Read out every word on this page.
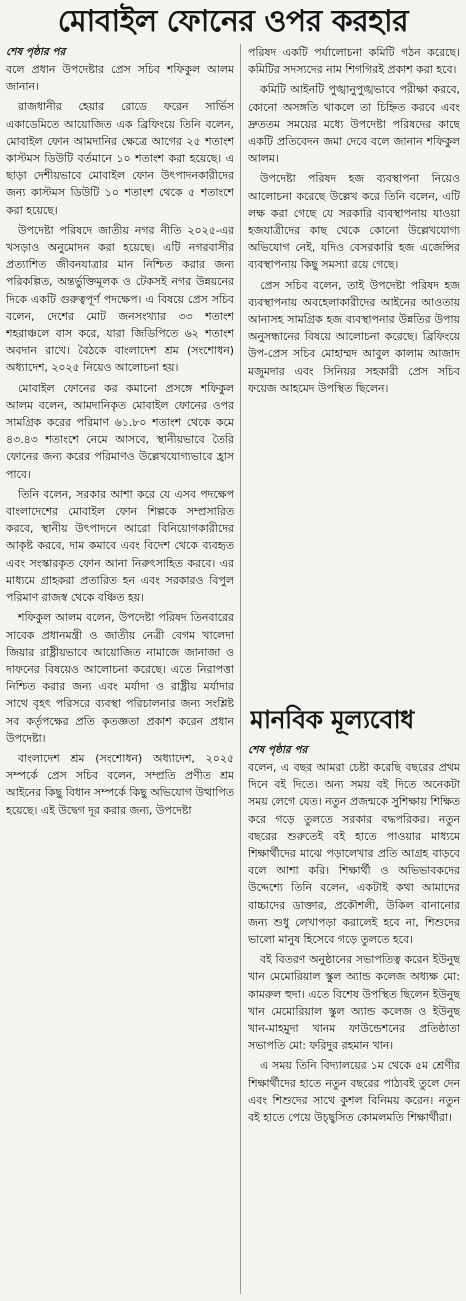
মোবাইল ফোনের ওপর করহার
শেষ পৃষ্ঠার পর

বলে প্রধান উপদেষ্টার প্রেস সচিব শফিকুল আলম জানান।

রাজধানীর হেয়ার রোডে ফরেন সার্ভিস একাডেমিতে আয়োজিত এক ব্রিফিংয়ে তিনি বলেন, মোবাইল ফোন আমদানির ক্ষেত্রে আগের ২৫ শতাংশ কাস্টমস ডিউটি বর্তমানে ১০ শতাংশ করা হয়েছে। এ ছাড়া দেশীয়ভাবে মোবাইল ফোন উৎপাদনকারীদের জন্য কাস্টমস ডিউটি ১০ শতাংশ থেকে ৫ শতাংশে করা হয়েছে।

উপদেষ্টা পরিষদে জাতীয় নগর নীতি ২০২৫-এর খসড়াও অনুমোদন করা হয়েছে। এটি নগরবাসীর প্রত্যাশিত জীবনযাত্রার মান নিশ্চিত করার জন্য পরিকল্পিত, অন্তর্ভুক্তিমূলক ও টেকসই নগর উন্নয়নের দিকে একটি গুরুত্বপূর্ণ পদক্ষেপ। এ বিষয়ে প্রেস সচিব বলেন, দেশের মোট জনসংখ্যার ৩৩ শতাংশ শহরাঞ্চলে বাস করে, যারা জিডিপিতে ৬২ শতাংশ অবদান রাখে। বৈঠকে বাংলাদেশ শ্রম (সংশোধন) অধ্যাদেশ, ২০২৫ নিয়েও আলোচনা হয়।

মোবাইল ফোনের কর কমানো প্রসঙ্গে শফিকুল আলম বলেন, আমদানিকৃত মোবাইল ফোনের ওপর সামগ্রিক করের পরিমাণ ৬১.৮০ শতাংশ থেকে কমে ৪৩.৪৩ শতাংশে নেমে আসবে, স্থানীয়ভাবে তৈরি ফোনের জন্য করের পরিমাণও উল্লেখযোগ্যভাবে হ্রাস পাবে।

তিনি বলেন, সরকার আশা করে যে এসব পদক্ষেপ বাংলাদেশের মোবাইল ফোন শিল্পকে সম্প্রসারিত করবে, স্থানীয় উৎপাদনে আরো বিনিয়োগকারীদের আকৃষ্ট করবে, দাম কমাবে এবং বিদেশ থেকে ব্যবহৃত এবং সংস্কারকৃত ফোন আনা নিরুৎসাহিত করবে। এর মাধ্যমে গ্রাহকরা প্রতারিত হন এবং সরকারও বিপুল পরিমাণ রাজস্ব থেকে বঞ্চিত হয়।

শফিকুল আলম বলেন, উপদেষ্টা পরিষদ তিনবারের সাবেক প্রধানমন্ত্রী ও জাতীয় নেত্রী বেগম খালেদা জিয়ার রাষ্ট্রীয়ভাবে আয়োজিত নামাজে জানাজা ও দাফনের বিষয়েও আলোচনা করেছে। এতে নিরাপত্তা নিশ্চিত করার জন্য এবং মর্যাদা ও রাষ্ট্রীয় মর্যাদার সাথে বৃহৎ পরিসরে ব্যবস্থা পরিচালনার জন্য সংশ্লিষ্ট সব কর্তৃপক্ষের প্রতি কৃতজ্ঞতা প্রকাশ করেন প্রধান উপদেষ্টা।

বাংলাদেশ শ্রম (সংশোধন) অধ্যাদেশ, ২০২৫ সম্পর্কে প্রেস সচিব বলেন, সম্প্রতি প্রণীত শ্রম আইনের কিছু বিধান সম্পর্কে কিছু অভিযোগ উত্থাপিত হয়েছে। এই উদ্বেগ দূর করার জন্য, উপদেষ্টা

পরিষদ একটি পর্যালোচনা কমিটি গঠন করেছে। কমিটির সদস্যদের নাম শিগগিরই প্রকাশ করা হবে।

কমিটি আইনটি পুঙ্খানুপুঙ্খভাবে পরীক্ষা করবে, কোনো অসঙ্গতি থাকলে তা চিহ্নিত করবে এবং দ্রুততম সময়ের মধ্যে উপদেষ্টা পরিষদের কাছে একটি প্রতিবেদন জমা দেবে বলে জানান শফিকুল আলম।

উপদেষ্টা পরিষদ হজ ব্যবস্থাপনা নিয়েও আলোচনা করেছে উল্লেখ করে তিনি বলেন, এটি লক্ষ করা গেছে যে সরকারি ব্যবস্থাপনায় যাওয়া হজযাত্রীদের কাছ থেকে কোনো উল্লেখযোগ্য অভিযোগ নেই, যদিও বেসরকারি হজ এজেন্সির ব্যবস্থাপনায় কিছু সমস্যা রয়ে গেছে।

প্রেস সচিব বলেন, তাই উপদেষ্টা পরিষদ হজ ব্যবস্থাপনায় অবহেলাকারীদের আইনের আওতায় আনাসহ সামগ্রিক হজ ব্যবস্থাপনার উন্নতির উপায় অনুসন্ধানের বিষয়ে আলোচনা করেছে। ব্রিফিংয়ে উপ-প্রেস সচিব মোহাম্মদ আবুল কালাম আজাদ মজুমদার এবং সিনিয়র সহকারী প্রেস সচিব ফয়েজ আহমেদ উপস্থিত ছিলেন।

মানবিক মূল্যবোধ
শেষ পৃষ্ঠার পর

বলেন, এ বছর আমরা চেষ্টা করেছি বছরের প্রথম দিনে বই দিতে। অন্য সময় বই দিতে অনেকটা সময় লেগে যেত। নতুন প্রজন্মকে সুশিক্ষায় শিক্ষিত করে গড়ে তুলতে সরকার বদ্ধপরিকর। নতুন বছরের শুরুতেই বই হাতে পাওয়ার মাধ্যমে শিক্ষার্থীদের মাঝে পড়ালেখার প্রতি আগ্রহ বাড়বে বলে আশা করি। শিক্ষার্থী ও অভিভাবকদের উদ্দেশ্যে তিনি বলেন, একটাই কথা আমাদের বাচ্চাদের ডাক্তার, প্রকৌশলী, উকিল বানানোর জন্য শুধু লেখাপড়া করালেই হবে না, শিশুদের ভালো মানুষ হিসেবে গড়ে তুলতে হবে।

বই বিতরণ অনুষ্ঠানের সভাপতিত্ব করেন ইউনুছ খান মেমোরিয়াল স্কুল অ্যান্ড কলেজ অধ্যক্ষ মো: কামরুল হুদা। এতে বিশেষ উপস্থিত ছিলেন ইউনুছ খান মেমোরিয়াল স্কুল অ্যান্ড কলেজ ও ইউনুছ খান-মাহমুদা খানম ফাউন্ডেশনের প্রতিষ্ঠাতা সভাপতি মো: ফরিদুর রহমান খান।

এ সময় তিনি বিদ্যালয়ের ১ম থেকে ৫ম শ্রেণীর শিক্ষার্থীদের হাতে নতুন বছরের পাঠ্যবই তুলে দেন এবং শিশুদের সাথে কুশল বিনিময় করেন। নতুন বই হাতে পেয়ে উচ্ছ্বসিত কোমলমতি শিক্ষার্থীরা।
